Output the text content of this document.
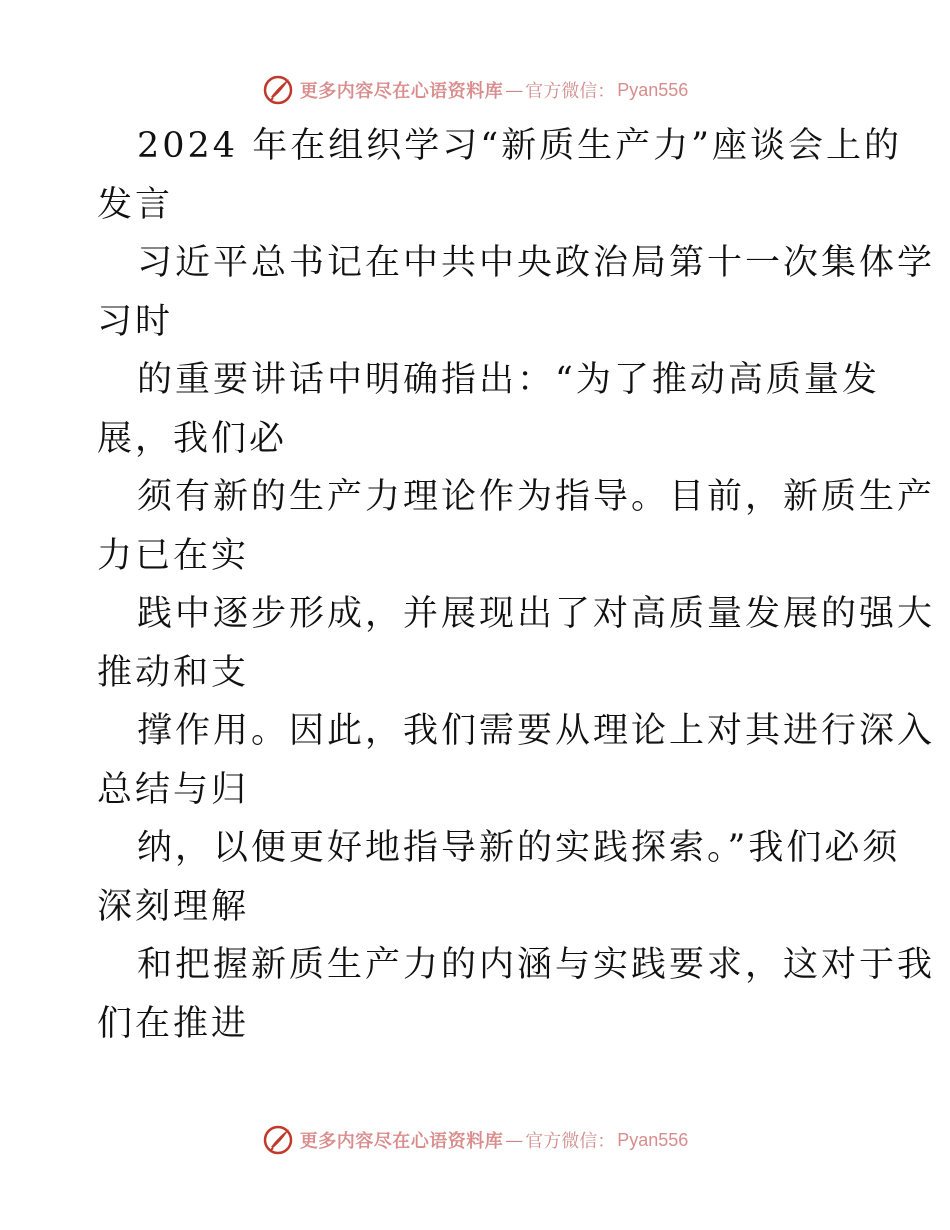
更多内容尽在心语资料库 — 官方微信： Pyan556
2024 年在组织学习“新质生产力”座谈会上的
发言
习近平总书记在中共中央政治局第十一次集体学
习时
的重要讲话中明确指出：“为了推动高质量发
展，我们必
须有新的生产力理论作为指导。目前，新质生产
力已在实
践中逐步形成，并展现出了对高质量发展的强大
推动和支
撑作用。因此，我们需要从理论上对其进行深入
总结与归
纳，以便更好地指导新的实践探索。”我们必须
深刻理解
和把握新质生产力的内涵与实践要求，这对于我
们在推进
更多内容尽在心语资料库 — 官方微信： Pyan556
